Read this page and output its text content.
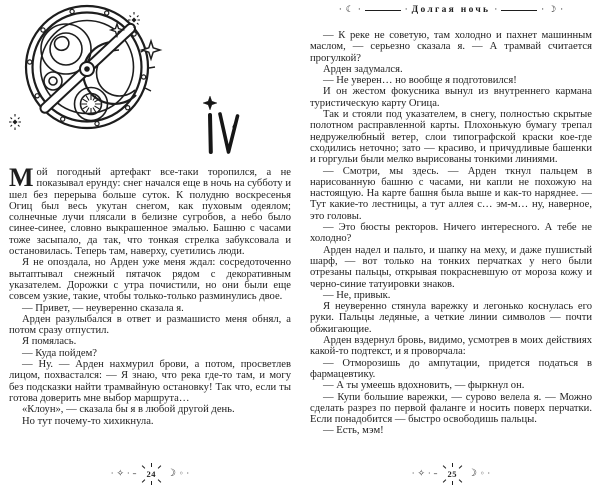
Мой погодный артефакт все-таки торопился, а не показывал ерунду: снег начался еще в ночь на субботу и шел без перерыва больше суток. К полудню воскресенья Огиц был весь укутан снегом, как пуховым одеялом; солнечные лучи плясали в белизне сугробов, а небо было синее-синее, словно выкрашенное эмалью. Башню с часами тоже засыпало, да так, что тонкая стрелка забуксовала и остановилась. Теперь там, наверху, суетились люди.

Я не опоздала, но Арден уже меня ждал: сосредоточенно вытаптывал снежный пятачок рядом с декоративным указателем. Дорожки с утра почистили, но они были еще совсем узкие, такие, чтобы только-только разминулись двое.

— Привет, — неуверенно сказала я.

Арден разулыбался в ответ и размашисто меня обнял, а потом сразу отпустил.

Я помялась.

— Куда пойдем?

— Ну. — Арден нахмурил брови, а потом, просветлев лицом, похвастался: — Я знаю, что река где-то там, и могу без подсказки найти трамвайную остановку! Так что, если ты готова доверить мне выбор маршрута…

«Клоун», — сказала бы я в любой другой день.

Но тут почему-то хихикнула.

· ✧ · – 24 ☽ ◦ ·
· ☾ ·	· Долгая ночь ·	· ☽ ·

— К реке не советую, там холодно и пахнет машинным маслом, — серьезно сказала я. — А трамвай считается прогулкой?

Арден задумался.

— Не уверен… но вообще я подготовился!

И он жестом фокусника вынул из внутреннего кармана туристическую карту Огица.

Так и стояли под указателем, в снегу, полностью скрытые полотном расправленной карты. Плохонькую бумагу трепал недружелюбный ветер, слои типографской краски кое-где сходились неточно; зато — красиво, и причудливые башенки и горгульи были мелко вырисованы тонкими линиями.

— Смотри, мы здесь. — Арден ткнул пальцем в нарисованную башню с часами, ни капли не похожую на настоящую. На карте башня была выше и как-то наряднее. — Тут какие-то лестницы, а тут аллея с… эм-м… ну, наверное, это головы.

— Это бюсты ректоров. Ничего интересного. А тебе не холодно?

Арден надел и пальто, и шапку на меху, и даже пушистый шарф, — вот только на тонких перчатках у него были отрезаны пальцы, открывая покрасневшую от мороза кожу и черно-синие татуировки знаков.

— Не, привык.

Я неуверенно стянула варежку и легонько коснулась его руки. Пальцы ледяные, а четкие линии символов — почти обжигающие.

Арден вздернул бровь, видимо, усмотрев в моих действиях какой-то подтекст, и я проворчала:

— Отморозишь до ампутации, придется податься в фармацевтику.

— А ты умеешь вдохновить, — фыркнул он.

— Купи большие варежки, — сурово велела я. — Можно сделать разрез по первой фаланге и носить поверх перчатки. Если понадобится — быстро освободишь пальцы.

— Есть, мэм!

· ✧ · – 25 ☽ ◦ ·
